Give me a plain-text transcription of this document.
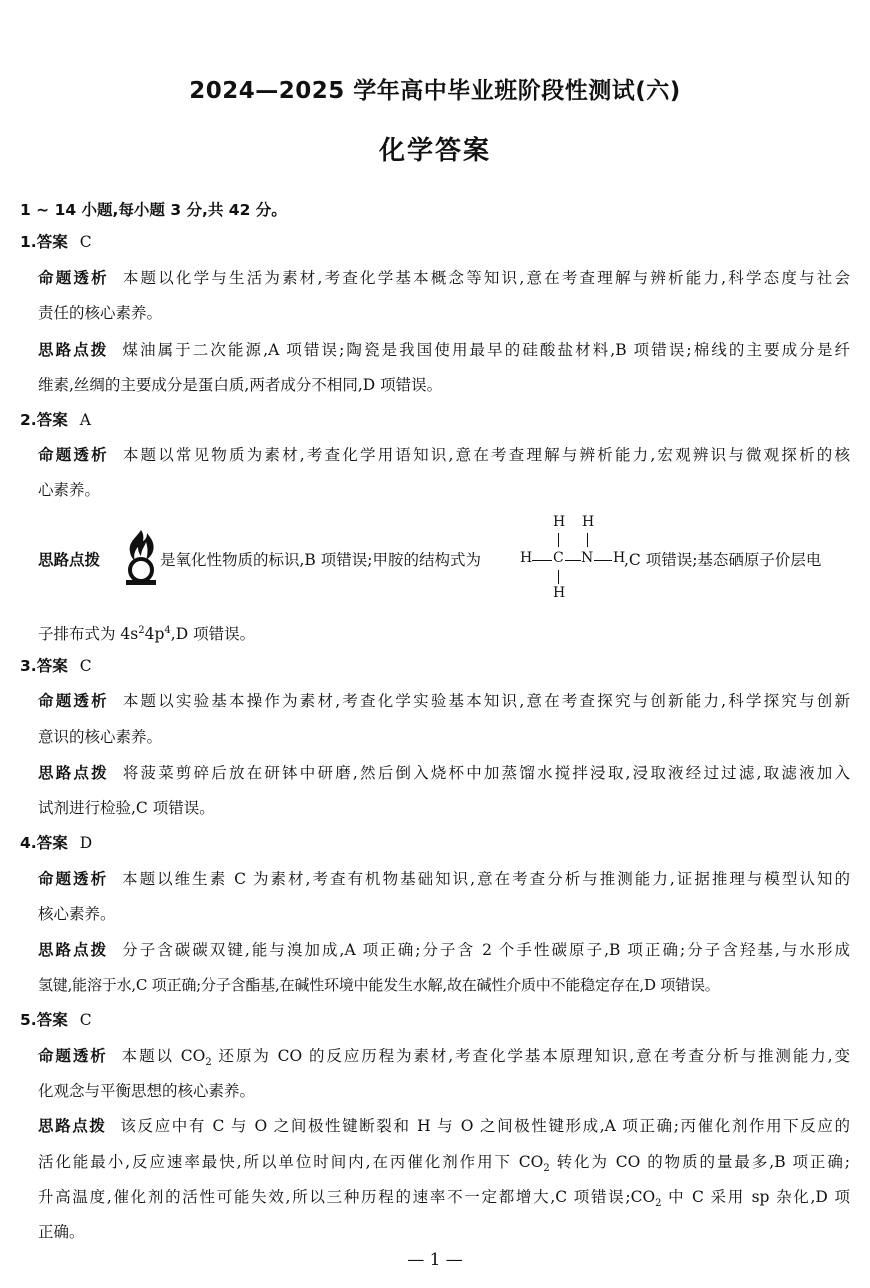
2024—2025 学年高中毕业班阶段性测试(六)
化学答案
1 ~ 14 小题,每小题 3 分,共 42 分。
1.答案 C
命题透析 本题以化学与生活为素材,考查化学基本概念等知识,意在考查理解与辨析能力,科学态度与社会
责任的核心素养。
思路点拨 煤油属于二次能源,A 项错误;陶瓷是我国使用最早的硅酸盐材料,B 项错误;棉线的主要成分是纤
维素,丝绸的主要成分是蛋白质,两者成分不相同,D 项错误。
2.答案 A
命题透析 本题以常见物质为素材,考查化学用语知识,意在考查理解与辨析能力,宏观辨识与微观探析的核
心素养。
思路点拨	是氧化性物质的标识,B 项错误;甲胺的结构式为
H H
H C N H
H
,C 项错误;基态硒原子价层电
子排布式为 $4s^24p^4,D$ 项错误。
3.答案 C
命题透析 本题以实验基本操作为素材,考查化学实验基本知识,意在考查探究与创新能力,科学探究与创新
意识的核心素养。
思路点拨 将菠菜剪碎后放在研钵中研磨,然后倒入烧杯中加蒸馏水搅拌浸取,浸取液经过过滤,取滤液加入
试剂进行检验,C 项错误。
4.答案 D
命题透析 本题以维生素 C 为素材,考查有机物基础知识,意在考查分析与推测能力,证据推理与模型认知的
核心素养。
思路点拨 分子含碳碳双键,能与溴加成,A 项正确;分子含 2 个手性碳原子,B 项正确;分子含羟基,与水形成
氢键,能溶于水,C 项正确;分子含酯基,在碱性环境中能发生水解,故在碱性介质中不能稳定存在,D 项错误。
5.答案 C
命题透析 本题以 $CO_2$ 还原为 CO 的反应历程为素材,考查化学基本原理知识,意在考查分析与推测能力,变
化观念与平衡思想的核心素养。
思路点拨 该反应中有 C 与 O 之间极性键断裂和 H 与 O 之间极性键形成,A 项正确;丙催化剂作用下反应的
活化能最小,反应速率最快,所以单位时间内,在丙催化剂作用下 $CO_2$ 转化为 CO 的物质的量最多,B 项正确;
升高温度,催化剂的活性可能失效,所以三种历程的速率不一定都增大,C 项错误$;CO_2$ 中 C 采用 sp 杂化,D 项
正确。
— 1 —
